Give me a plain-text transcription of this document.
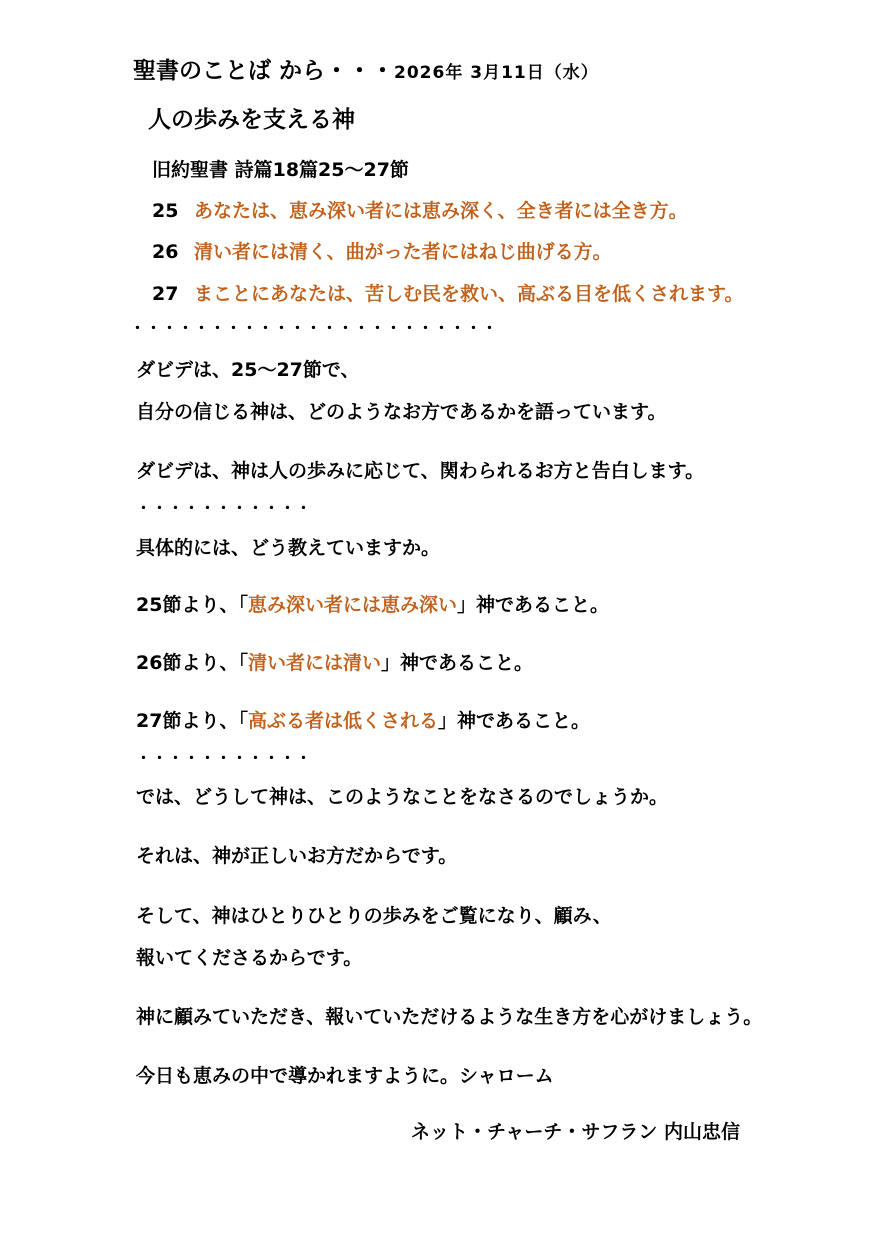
聖書のことば から・・・2026年 3月11日（水）
人の歩みを支える神
旧約聖書 詩篇18篇25～27節
25 あなたは、恵み深い者には恵み深く、全き者には全き方。
26 清い者には清く、曲がった者にはねじ曲げる方。
27 まことにあなたは、苦しむ民を救い、高ぶる目を低くされます。
・・・・・・・・・・・・・・・・・・・・・・・
ダビデは、25～27節で、
自分の信じる神は、どのようなお方であるかを語っています。
ダビデは、神は人の歩みに応じて、関わられるお方と告白します。
・・・・・・・・・・・
具体的には、どう教えていますか。
25節より、「恵み深い者には恵み深い」神であること。
26節より、「清い者には清い」神であること。
27節より、「高ぶる者は低くされる」神であること。
・・・・・・・・・・・
では、どうして神は、このようなことをなさるのでしょうか。
それは、神が正しいお方だからです。
そして、神はひとりひとりの歩みをご覧になり、顧み、
報いてくださるからです。
神に顧みていただき、報いていただけるような生き方を心がけましょう。
今日も恵みの中で導かれますように。シャローム
ネット・チャーチ・サフラン 内山忠信
